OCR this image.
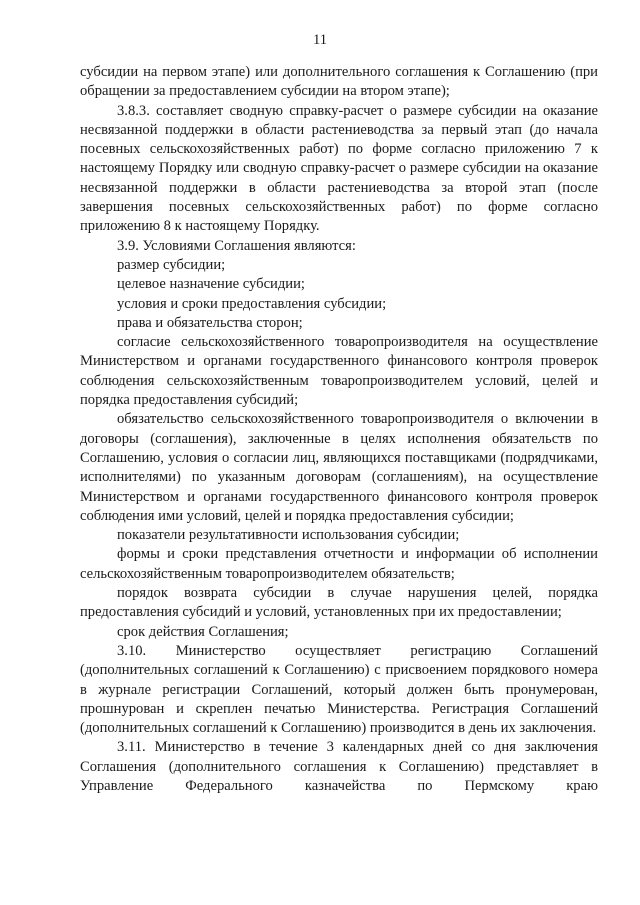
11

субсидии на первом этапе) или дополнительного соглашения к Соглашению (при обращении за предоставлением субсидии на втором этапе);

3.8.3. составляет сводную справку-расчет о размере субсидии на оказание несвязанной поддержки в области растениеводства за первый этап (до начала посевных сельскохозяйственных работ) по форме согласно приложению 7 к настоящему Порядку или сводную справку-расчет о размере субсидии на оказание несвязанной поддержки в области растениеводства за второй этап (после завершения посевных сельскохозяйственных работ) по форме согласно приложению 8 к настоящему Порядку.

3.9. Условиями Соглашения являются:

размер субсидии;

целевое назначение субсидии;

условия и сроки предоставления субсидии;

права и обязательства сторон;

согласие сельскохозяйственного товаропроизводителя на осуществление Министерством и органами государственного финансового контроля проверок соблюдения сельскохозяйственным товаропроизводителем условий, целей и порядка предоставления субсидий;

обязательство сельскохозяйственного товаропроизводителя о включении в договоры (соглашения), заключенные в целях исполнения обязательств по Соглашению, условия о согласии лиц, являющихся поставщиками (подрядчиками, исполнителями) по указанным договорам (соглашениям), на осуществление Министерством и органами государственного финансового контроля проверок соблюдения ими условий, целей и порядка предоставления субсидии;

показатели результативности использования субсидии;

формы и сроки представления отчетности и информации об исполнении сельскохозяйственным товаропроизводителем обязательств;

порядок возврата субсидии в случае нарушения целей, порядка предоставления субсидий и условий, установленных при их предоставлении;

срок действия Соглашения;

3.10. Министерство осуществляет регистрацию Соглашений (дополнительных соглашений к Соглашению) с присвоением порядкового номера в журнале регистрации Соглашений, который должен быть пронумерован, прошнурован и скреплен печатью Министерства. Регистрация Соглашений (дополнительных соглашений к Соглашению) производится в день их заключения.

3.11. Министерство в течение 3 календарных дней со дня заключения Соглашения (дополнительного соглашения к Соглашению) представляет в Управление Федерального казначейства по Пермскому краю
